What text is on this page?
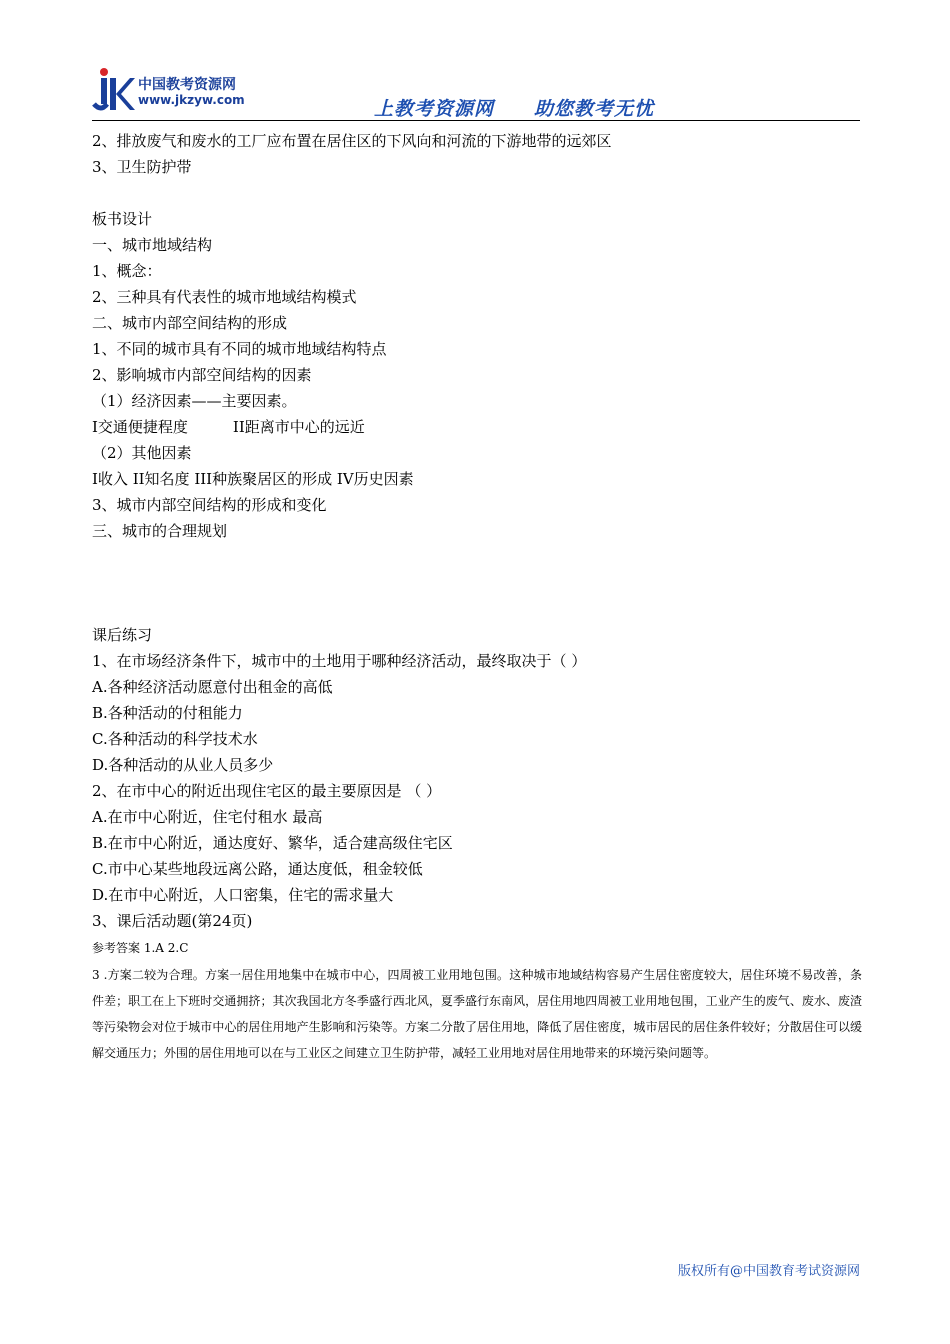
中国教考资源网
www.jkzyw.com	上教考资源网　　助您教考无忧
2、排放废气和废水的工厂应布置在居住区的下风向和河流的下游地带的远郊区
3、卫生防护带
板书设计
一、城市地域结构
1、概念：
2、三种具有代表性的城市地域结构模式
二、城市内部空间结构的形成
1、不同的城市具有不同的城市地域结构特点
2、影响城市内部空间结构的因素
（1）经济因素——主要因素。
I交通便捷程度　　　II距离市中心的远近
（2）其他因素
I收入 II知名度 III种族聚居区的形成 IV历史因素
3、城市内部空间结构的形成和变化
三、城市的合理规划
课后练习
1、在市场经济条件下，城市中的土地用于哪种经济活动，最终取决于（ ）
A.各种经济活动愿意付出租金的高低
B.各种活动的付租能力
C.各种活动的科学技术水
D.各种活动的从业人员多少
2、在市中心的附近出现住宅区的最主要原因是 （ ）
A.在市中心附近，住宅付租水 最高
B.在市中心附近，通达度好、繁华，适合建高级住宅区
C.市中心某些地段远离公路，通达度低，租金较低
D.在市中心附近，人口密集，住宅的需求量大
3、课后活动题(第24页)
参考答案 1.A 2.C
3 .方案二较为合理。方案一居住用地集中在城市中心，四周被工业用地包围。这种城市地域结构容易产生居住密度较大，居住环境不易改善，条件差；职工在上下班时交通拥挤；其次我国北方冬季盛行西北风，夏季盛行东南风，居住用地四周被工业用地包围，工业产生的废气、废水、废渣等污染物会对位于城市中心的居住用地产生影响和污染等。方案二分散了居住用地，降低了居住密度，城市居民的居住条件较好；分散居住可以缓解交通压力；外围的居住用地可以在与工业区之间建立卫生防护带，减轻工业用地对居住用地带来的环境污染问题等。
版权所有@中国教育考试资源网
